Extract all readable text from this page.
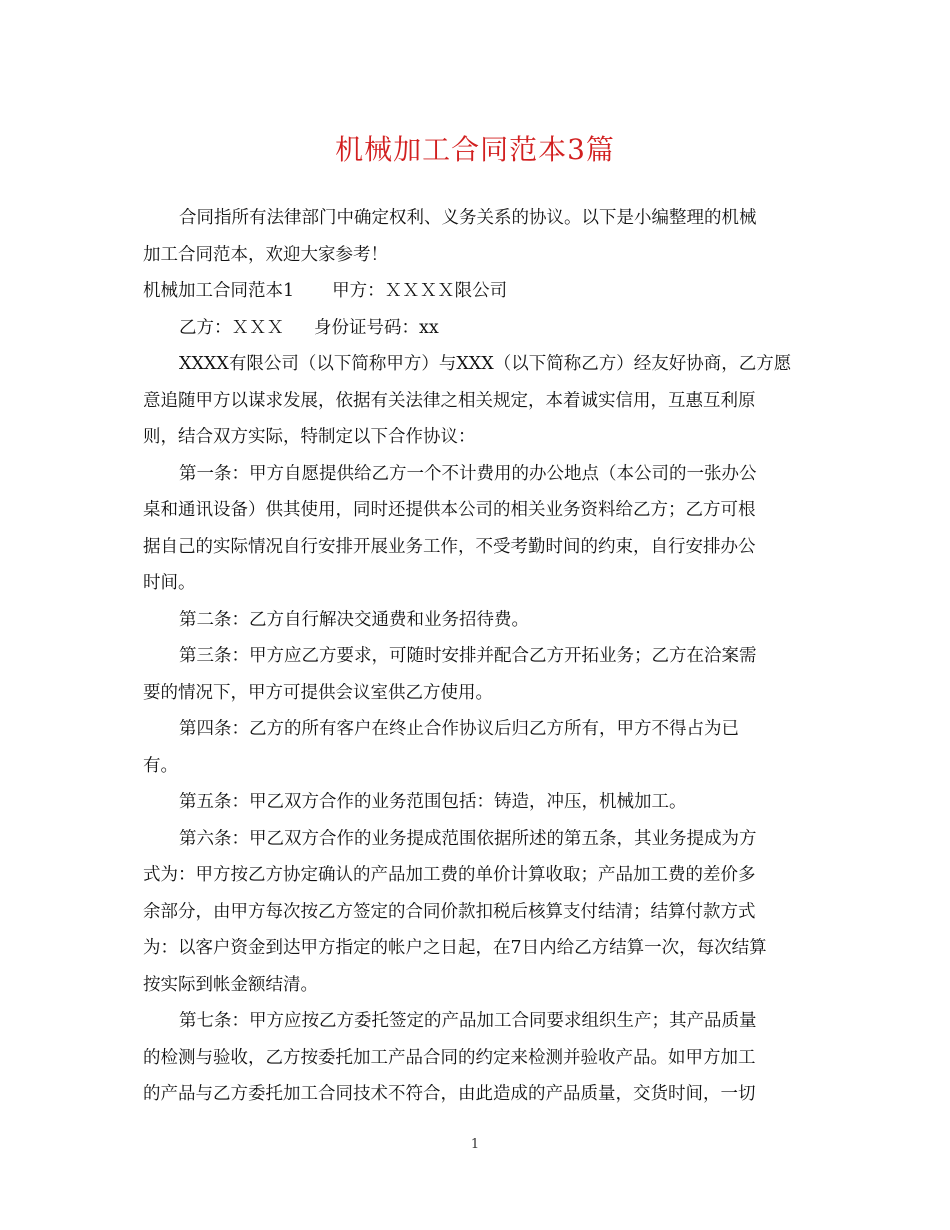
机械加工合同范本3篇
合同指所有法律部门中确定权利、义务关系的协议。以下是小编整理的机械
加工合同范本，欢迎大家参考！
机械加工合同范本1 甲方：ＸＸＸＸ限公司
乙方：ＸＸＸ 身份证号码：xx
XXXX有限公司（以下简称甲方）与XXX（以下简称乙方）经友好协商，乙方愿
意追随甲方以谋求发展，依据有关法律之相关规定，本着诚实信用，互惠互利原
则，结合双方实际，特制定以下合作协议：
第一条：甲方自愿提供给乙方一个不计费用的办公地点（本公司的一张办公
桌和通讯设备）供其使用，同时还提供本公司的相关业务资料给乙方；乙方可根
据自己的实际情况自行安排开展业务工作，不受考勤时间的约束，自行安排办公
时间。
第二条：乙方自行解决交通费和业务招待费。
第三条：甲方应乙方要求，可随时安排并配合乙方开拓业务；乙方在洽案需
要的情况下，甲方可提供会议室供乙方使用。
第四条：乙方的所有客户在终止合作协议后归乙方所有，甲方不得占为已
有。
第五条：甲乙双方合作的业务范围包括：铸造，冲压，机械加工。
第六条：甲乙双方合作的业务提成范围依据所述的第五条，其业务提成为方
式为：甲方按乙方协定确认的产品加工费的单价计算收取；产品加工费的差价多
余部分，由甲方每次按乙方签定的合同价款扣税后核算支付结清；结算付款方式
为：以客户资金到达甲方指定的帐户之日起，在7日内给乙方结算一次，每次结算
按实际到帐金额结清。
第七条：甲方应按乙方委托签定的产品加工合同要求组织生产；其产品质量
的检测与验收，乙方按委托加工产品合同的约定来检测并验收产品。如甲方加工
的产品与乙方委托加工合同技术不符合，由此造成的产品质量，交货时间，一切
1
